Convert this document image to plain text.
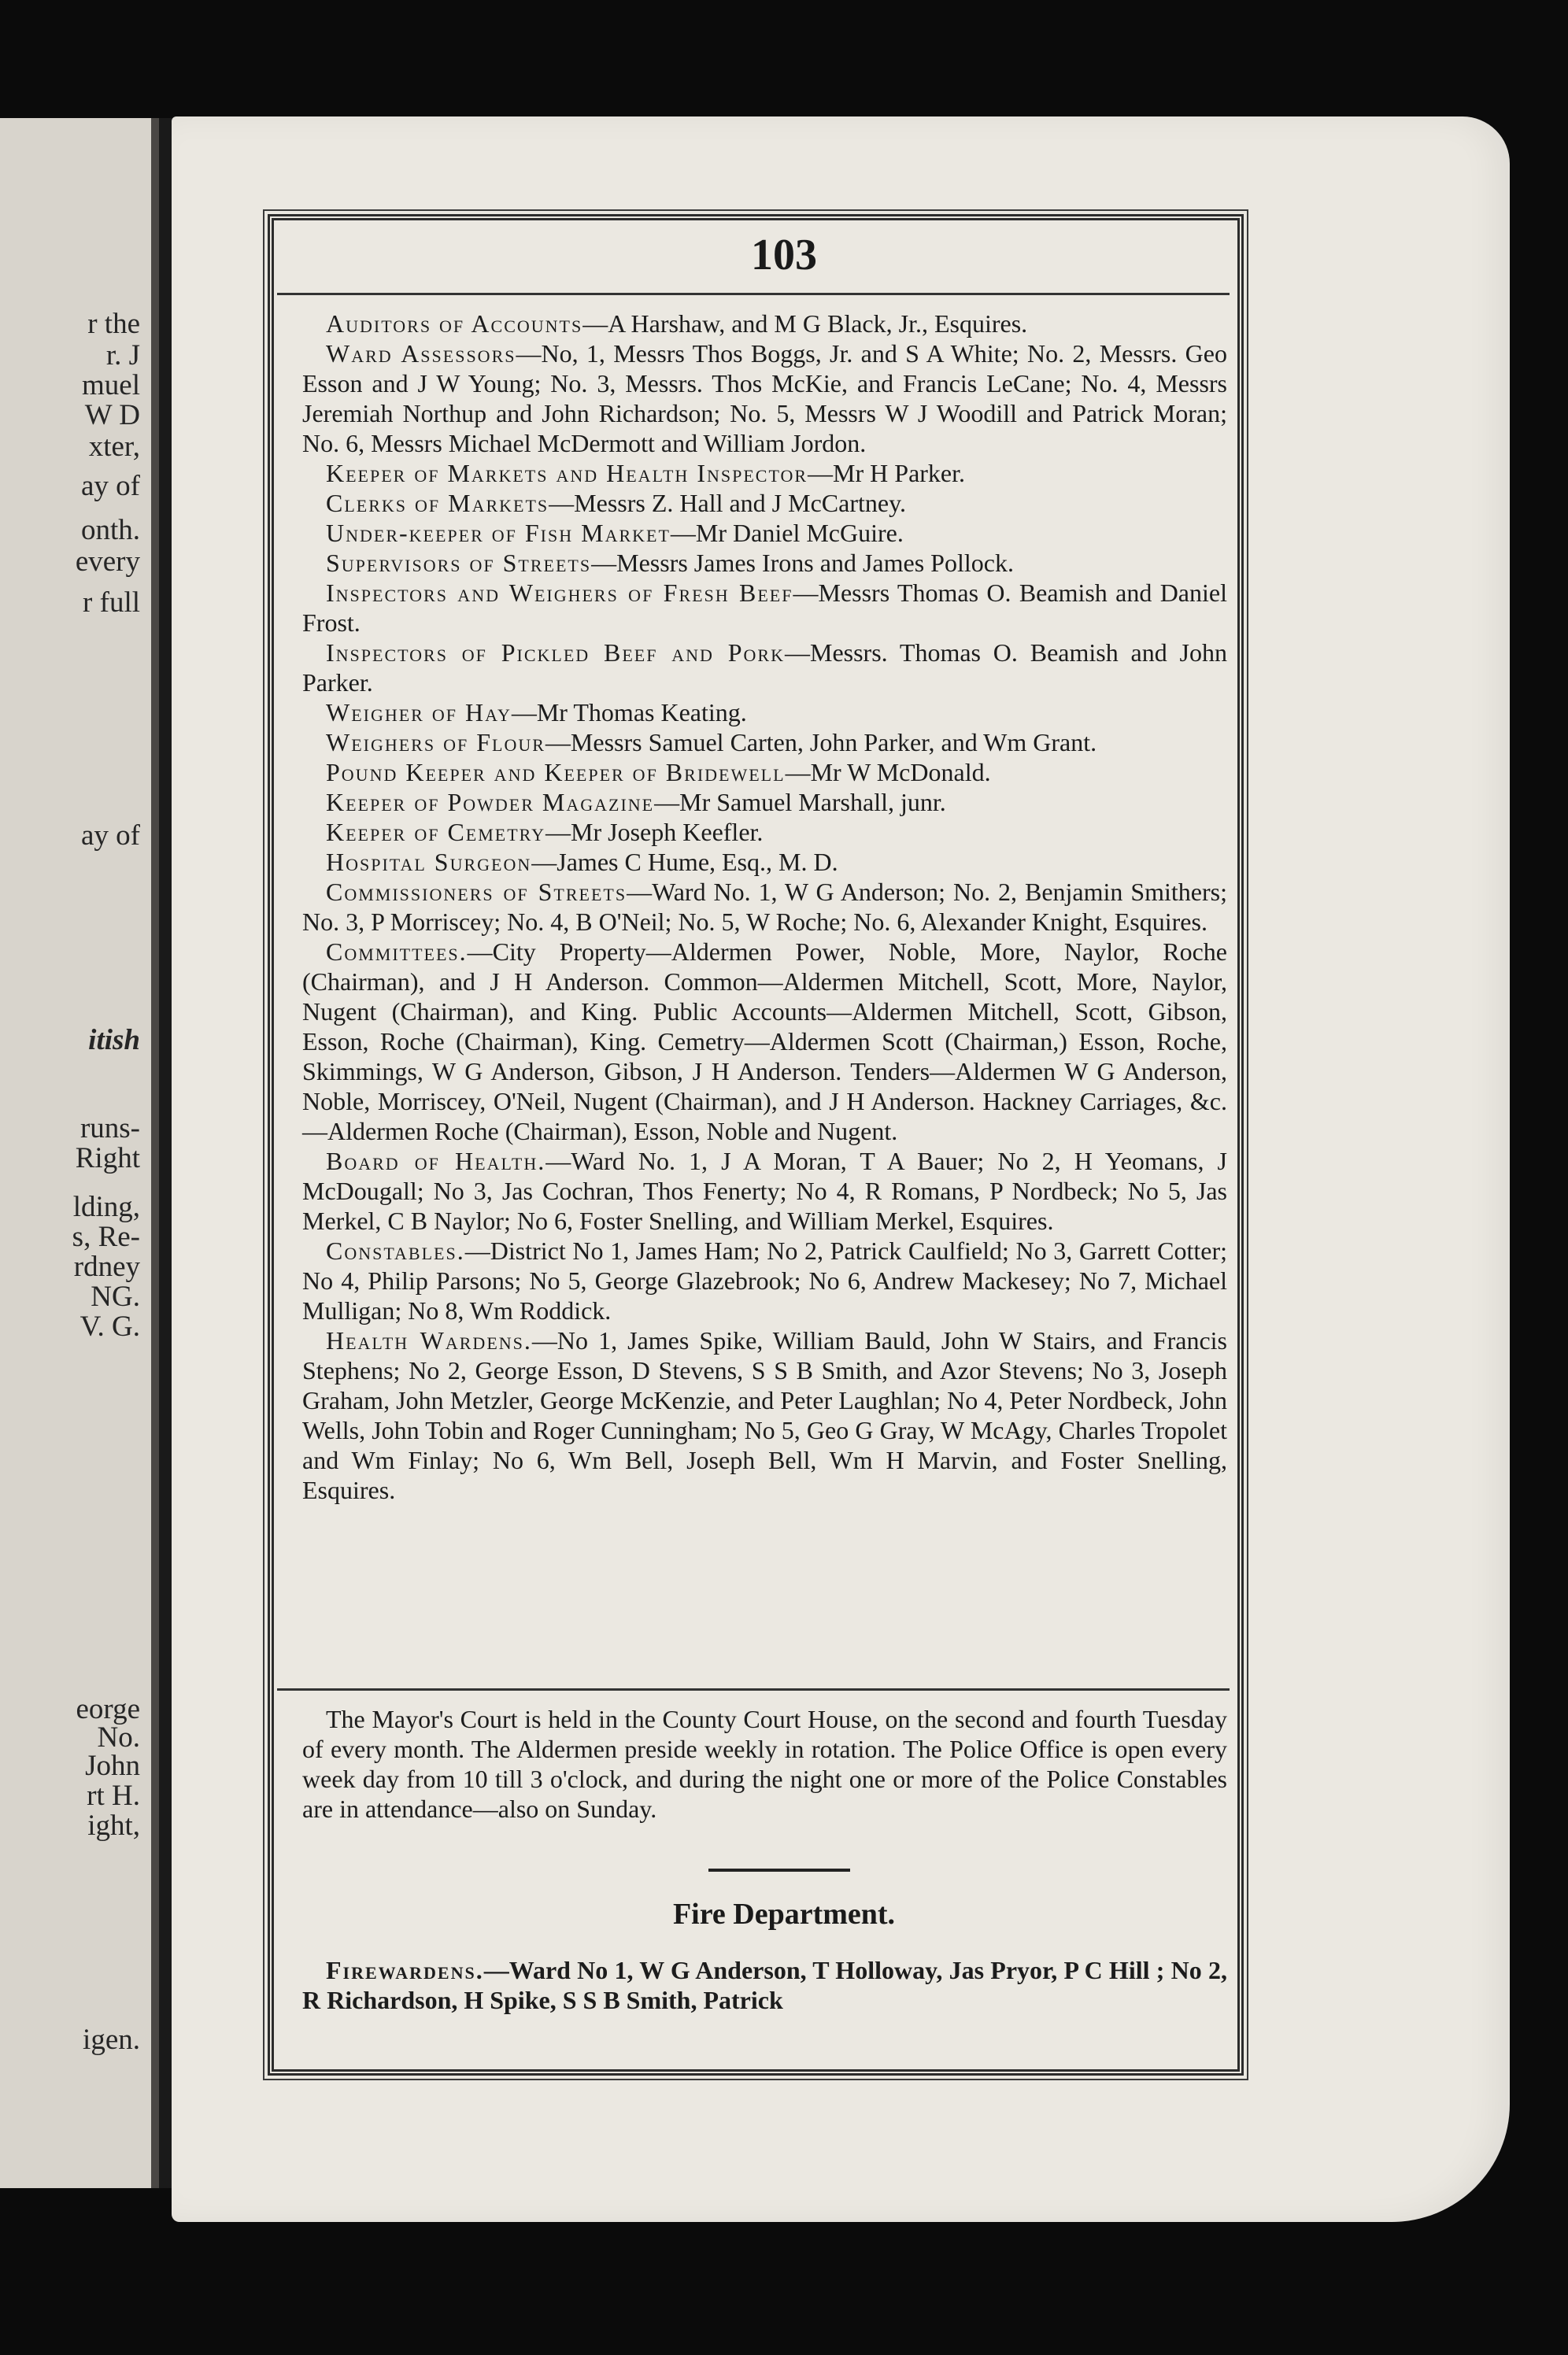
r the
r. J
muel
W D
xter,
ay of
onth.
every
r full
ay of
itish
runs-
Right
lding,
s, Re-
rdney
NG.
V. G.
eorge
No.
John
rt H.
ight,
igen.
103

Auditors of Accounts—A Harshaw, and M G Black, Jr., Esquires.

Ward Assessors—No, 1, Messrs Thos Boggs, Jr. and S A White; No. 2, Messrs. Geo Esson and J W Young; No. 3, Messrs. Thos McKie, and Francis LeCane; No. 4, Messrs Jeremiah Northup and John Richardson; No. 5, Messrs W J Woodill and Patrick Moran; No. 6, Messrs Michael McDermott and William Jordon.

Keeper of Markets and Health Inspector—Mr H Parker.

Clerks of Markets—Messrs Z. Hall and J McCartney.

Under-keeper of Fish Market—Mr Daniel McGuire.

Supervisors of Streets—Messrs James Irons and James Pollock.

Inspectors and Weighers of Fresh Beef—Messrs Thomas O. Beamish and Daniel Frost.

Inspectors of Pickled Beef and Pork—Messrs. Thomas O. Beamish and John Parker.

Weigher of Hay—Mr Thomas Keating.

Weighers of Flour—Messrs Samuel Carten, John Parker, and Wm Grant.

Pound Keeper and Keeper of Bridewell—Mr W McDonald.

Keeper of Powder Magazine—Mr Samuel Marshall, junr.

Keeper of Cemetry—Mr Joseph Keefler.

Hospital Surgeon—James C Hume, Esq., M. D.

Commissioners of Streets—Ward No. 1, W G Anderson; No. 2, Benjamin Smithers; No. 3, P Morriscey; No. 4, B O'Neil; No. 5, W Roche; No. 6, Alexander Knight, Esquires.

Committees.—City Property—Aldermen Power, Noble, More, Naylor, Roche (Chairman), and J H Anderson. Common—Aldermen Mitchell, Scott, More, Naylor, Nugent (Chairman), and King. Public Accounts—Aldermen Mitchell, Scott, Gibson, Esson, Roche (Chairman), King. Cemetry—Aldermen Scott (Chairman,) Esson, Roche, Skimmings, W G Anderson, Gibson, J H Anderson. Tenders—Aldermen W G Anderson, Noble, Morriscey, O'Neil, Nugent (Chairman), and J H Anderson. Hackney Carriages, &c.—Aldermen Roche (Chairman), Esson, Noble and Nugent.

Board of Health.—Ward No. 1, J A Moran, T A Bauer; No 2, H Yeomans, J McDougall; No 3, Jas Cochran, Thos Fenerty; No 4, R Romans, P Nordbeck; No 5, Jas Merkel, C B Naylor; No 6, Foster Snelling, and William Merkel, Esquires.

Constables.—District No 1, James Ham; No 2, Patrick Caulfield; No 3, Garrett Cotter; No 4, Philip Parsons; No 5, George Glazebrook; No 6, Andrew Mackesey; No 7, Michael Mulligan; No 8, Wm Roddick.

Health Wardens.—No 1, James Spike, William Bauld, John W Stairs, and Francis Stephens; No 2, George Esson, D Stevens, S S B Smith, and Azor Stevens; No 3, Joseph Graham, John Metzler, George McKenzie, and Peter Laughlan; No 4, Peter Nordbeck, John Wells, John Tobin and Roger Cunningham; No 5, Geo G Gray, W McAgy, Charles Tropolet and Wm Finlay; No 6, Wm Bell, Joseph Bell, Wm H Marvin, and Foster Snelling, Esquires.

The Mayor's Court is held in the County Court House, on the second and fourth Tuesday of every month. The Aldermen preside weekly in rotation. The Police Office is open every week day from 10 till 3 o'clock, and during the night one or more of the Police Constables are in attendance—also on Sunday.

Fire Department.
Firewardens.—Ward No 1, W G Anderson, T Holloway, Jas Pryor, P C Hill ; No 2, R Richardson, H Spike, S S B Smith, Patrick
